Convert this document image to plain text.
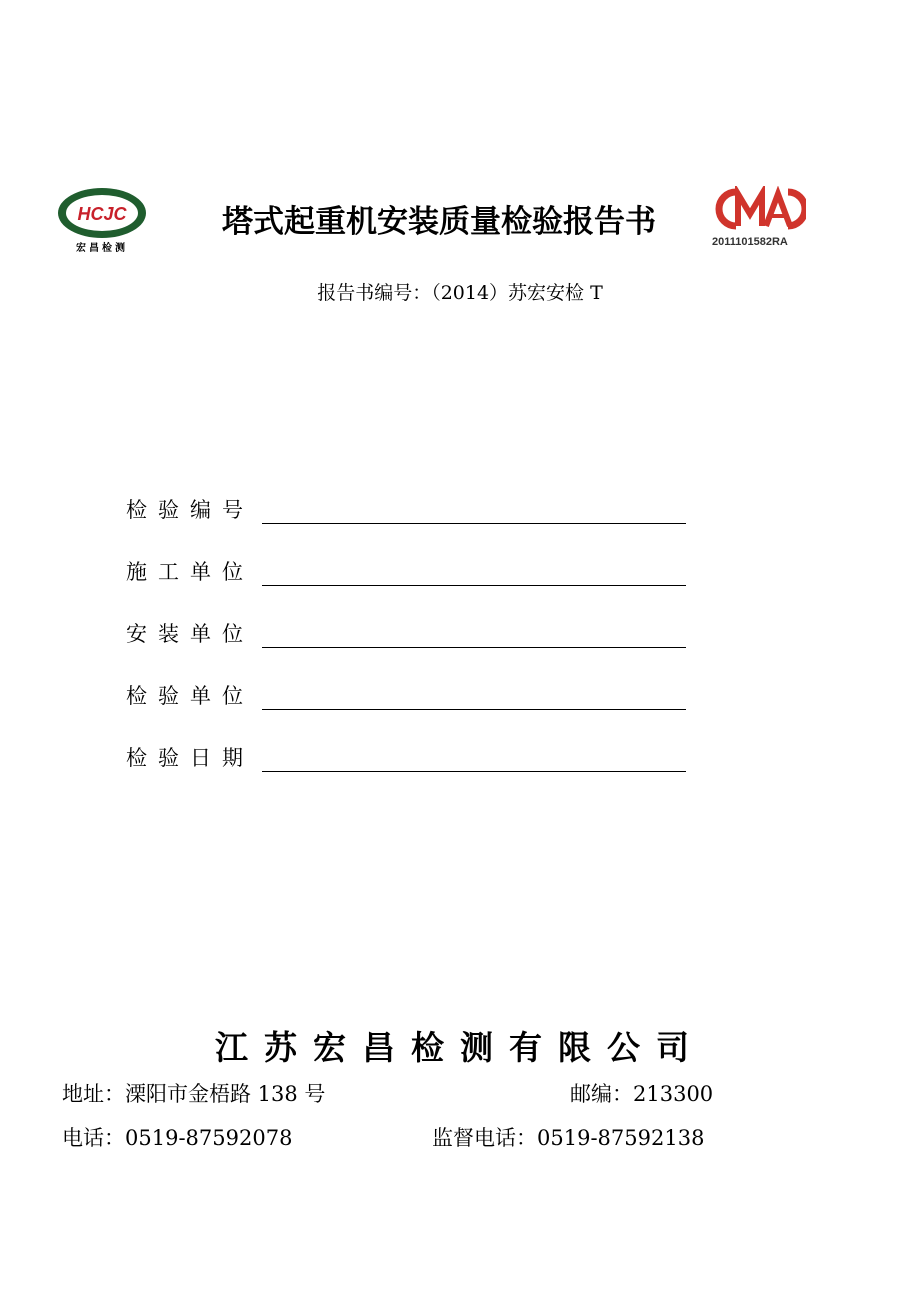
HCJC
宏昌检测
塔式起重机安装质量检验报告书
2011101582RA
报告书编号：（2014）苏宏安检 T
检验编号
施工单位
安装单位
检验单位
检验日期
江苏宏昌检测有限公司
地址：溧阳市金梧路 138 号	邮编：213300
电话：0519-87592078	监督电话：0519-87592138
